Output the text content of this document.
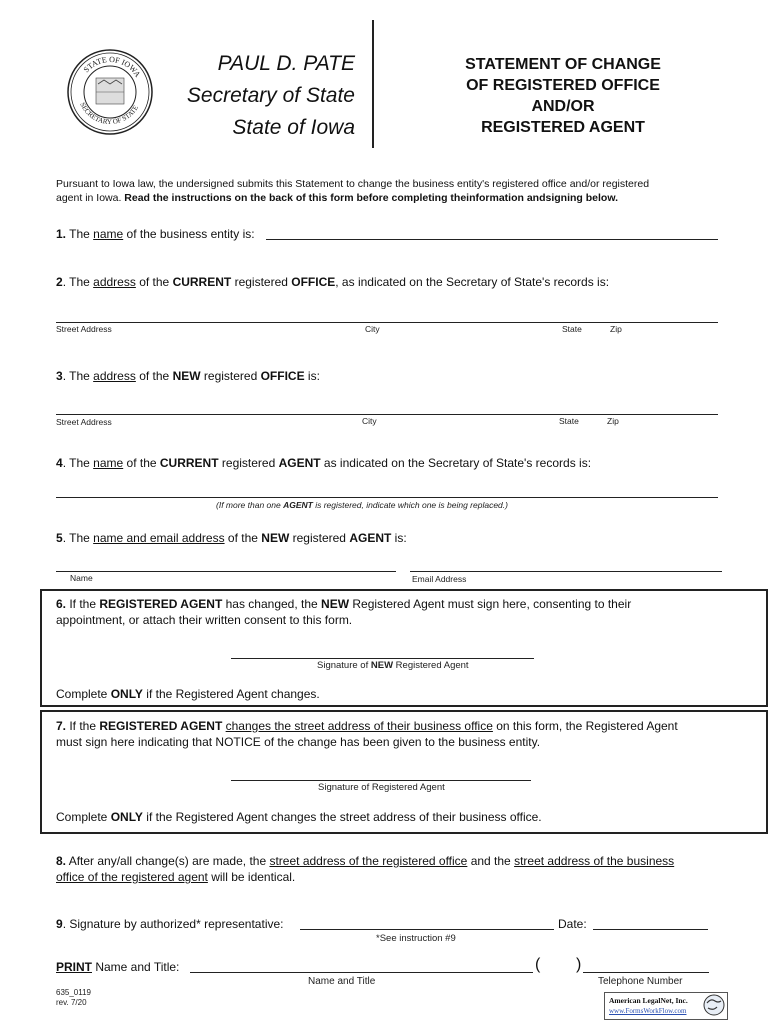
STATE OF IOWA
SECRETARY OF STATE
PAUL D. PATE
Secretary of State
State of Iowa
STATEMENT OF CHANGE
OF REGISTERED OFFICE
AND/OR
REGISTERED AGENT
Pursuant to Iowa law, the undersigned submits this Statement to change the business entity's registered office and/or registered
agent in Iowa. Read the instructions on the back of this form before completing theinformation andsigning below.
1. The name of the business entity is:
2. The address of the CURRENT registered OFFICE, as indicated on the Secretary of State's records is:
Street Address	City	State	Zip
3. The address of the NEW registered OFFICE is:
Street Address	City	State	Zip
4. The name of the CURRENT registered AGENT as indicated on the Secretary of State's records is:
(If more than one AGENT is registered, indicate which one is being replaced.)
5. The name and email address of the NEW registered AGENT is:
Name	Email Address
6. If the REGISTERED AGENT has changed, the NEW Registered Agent must sign here, consenting to their
appointment, or attach their written consent to this form.
Signature of NEW Registered Agent
Complete ONLY if the Registered Agent changes.
7. If the REGISTERED AGENT changes the street address of their business office on this form, the Registered Agent
must sign here indicating that NOTICE of the change has been given to the business entity.
Signature of Registered Agent
Complete ONLY if the Registered Agent changes the street address of their business office.
8. After any/all change(s) are made, the street address of the registered office and the street address of the business
office of the registered agent will be identical.
9. Signature by authorized* representative:	Date:
*See instruction #9
PRINT Name and Title:	( )
Name and Title	Telephone Number
635_0119
rev. 7/20	American LegalNet, Inc.
www.FormsWorkFlow.com
